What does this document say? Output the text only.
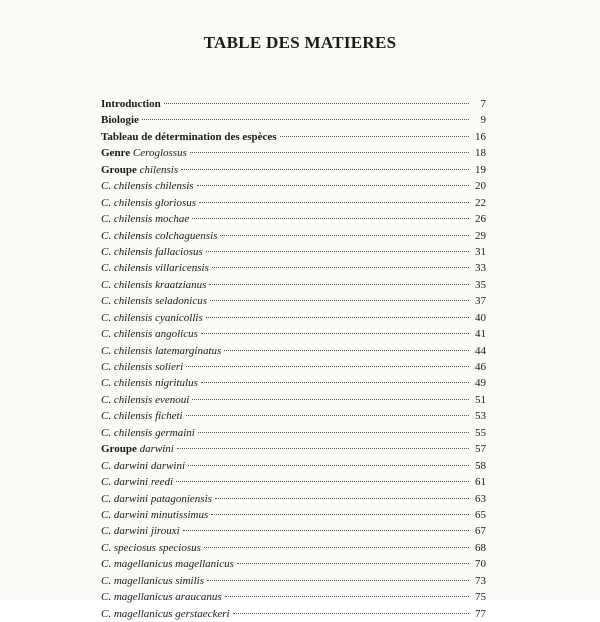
TABLE DES MATIERES
Introduction	7
Biologie	9
Tableau de détermination des espèces	16
Genre Ceroglossus	18
Groupe chilensis	19
C. chilensis chilensis	20
C. chilensis gloriosus	22
C. chilensis mochae	26
C. chilensis colchaguensis	29
C. chilensis fallaciosus	31
C. chilensis villaricensis	33
C. chilensis kraatzianus	35
C. chilensis seladonicus	37
C. chilensis cyanicollis	40
C. chilensis angolicus	41
C. chilensis latemarginatus	44
C. chilensis solieri	46
C. chilensis nigritulus	49
C. chilensis evenoui	51
C. chilensis ficheti	53
C. chilensis germaini	55
Groupe darwini	57
C. darwini darwini	58
C. darwini reedi	61
C. darwini patagoniensis	63
C. darwini minutissimus	65
C. darwini jirouxi	67
C. speciosus speciosus	68
C. magellanicus magellanicus	70
C. magellanicus similis	73
C. magellanicus araucanus	75
C. magellanicus gerstaeckeri	77
